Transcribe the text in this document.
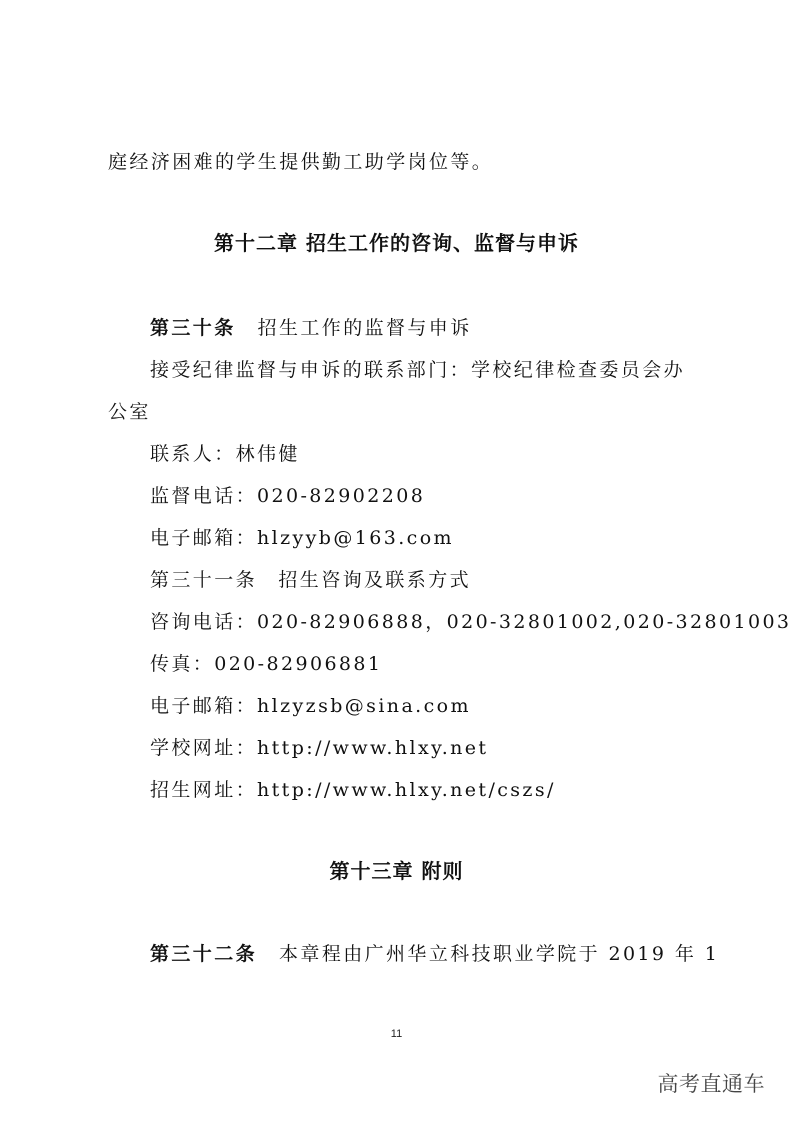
庭经济困难的学生提供勤工助学岗位等。
第十二章 招生工作的咨询、监督与申诉
第三十条 招生工作的监督与申诉
接受纪律监督与申诉的联系部门：学校纪律检查委员会办
公室
联系人：林伟健
监督电话：020-82902208
电子邮箱：hlzyyb@163.com
第三十一条　招生咨询及联系方式
咨询电话：020-82906888，020-32801002,020-32801003
传真：020-82906881
电子邮箱：hlzyzsb@sina.com
学校网址：http://www.hlxy.net
招生网址：http://www.hlxy.net/cszs/
第十三章 附则
第三十二条 本章程由广州华立科技职业学院于 2019 年 1
11
高考直通车
